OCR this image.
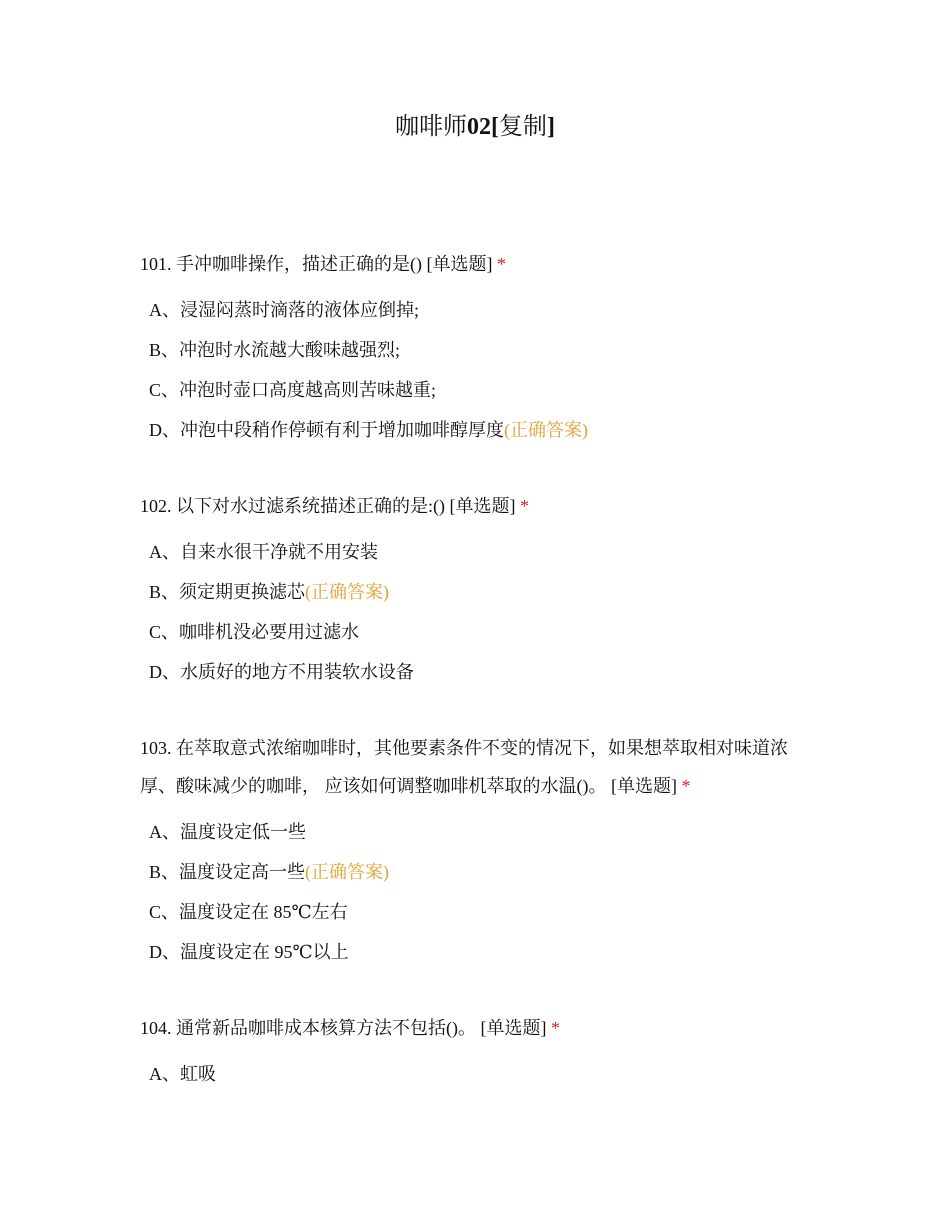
咖啡师02[复制]

101. 手冲咖啡操作，描述正确的是() [单选题] *

A、浸湿闷蒸时滴落的液体应倒掉;
B、冲泡时水流越大酸味越强烈;
C、冲泡时壶口高度越高则苦味越重;
D、冲泡中段稍作停顿有利于增加咖啡醇厚度(正确答案)

102. 以下对水过滤系统描述正确的是:() [单选题] *

A、自来水很干净就不用安装
B、须定期更换滤芯(正确答案)
C、咖啡机没必要用过滤水
D、水质好的地方不用装软水设备

103. 在萃取意式浓缩咖啡时，其他要素条件不变的情况下，如果想萃取相对味道浓厚、酸味减少的咖啡， 应该如何调整咖啡机萃取的水温()。 [单选题] *

A、温度设定低一些
B、温度设定高一些(正确答案)
C、温度设定在 85℃左右
D、温度设定在 95℃以上

104. 通常新品咖啡成本核算方法不包括()。 [单选题] *

A、虹吸
